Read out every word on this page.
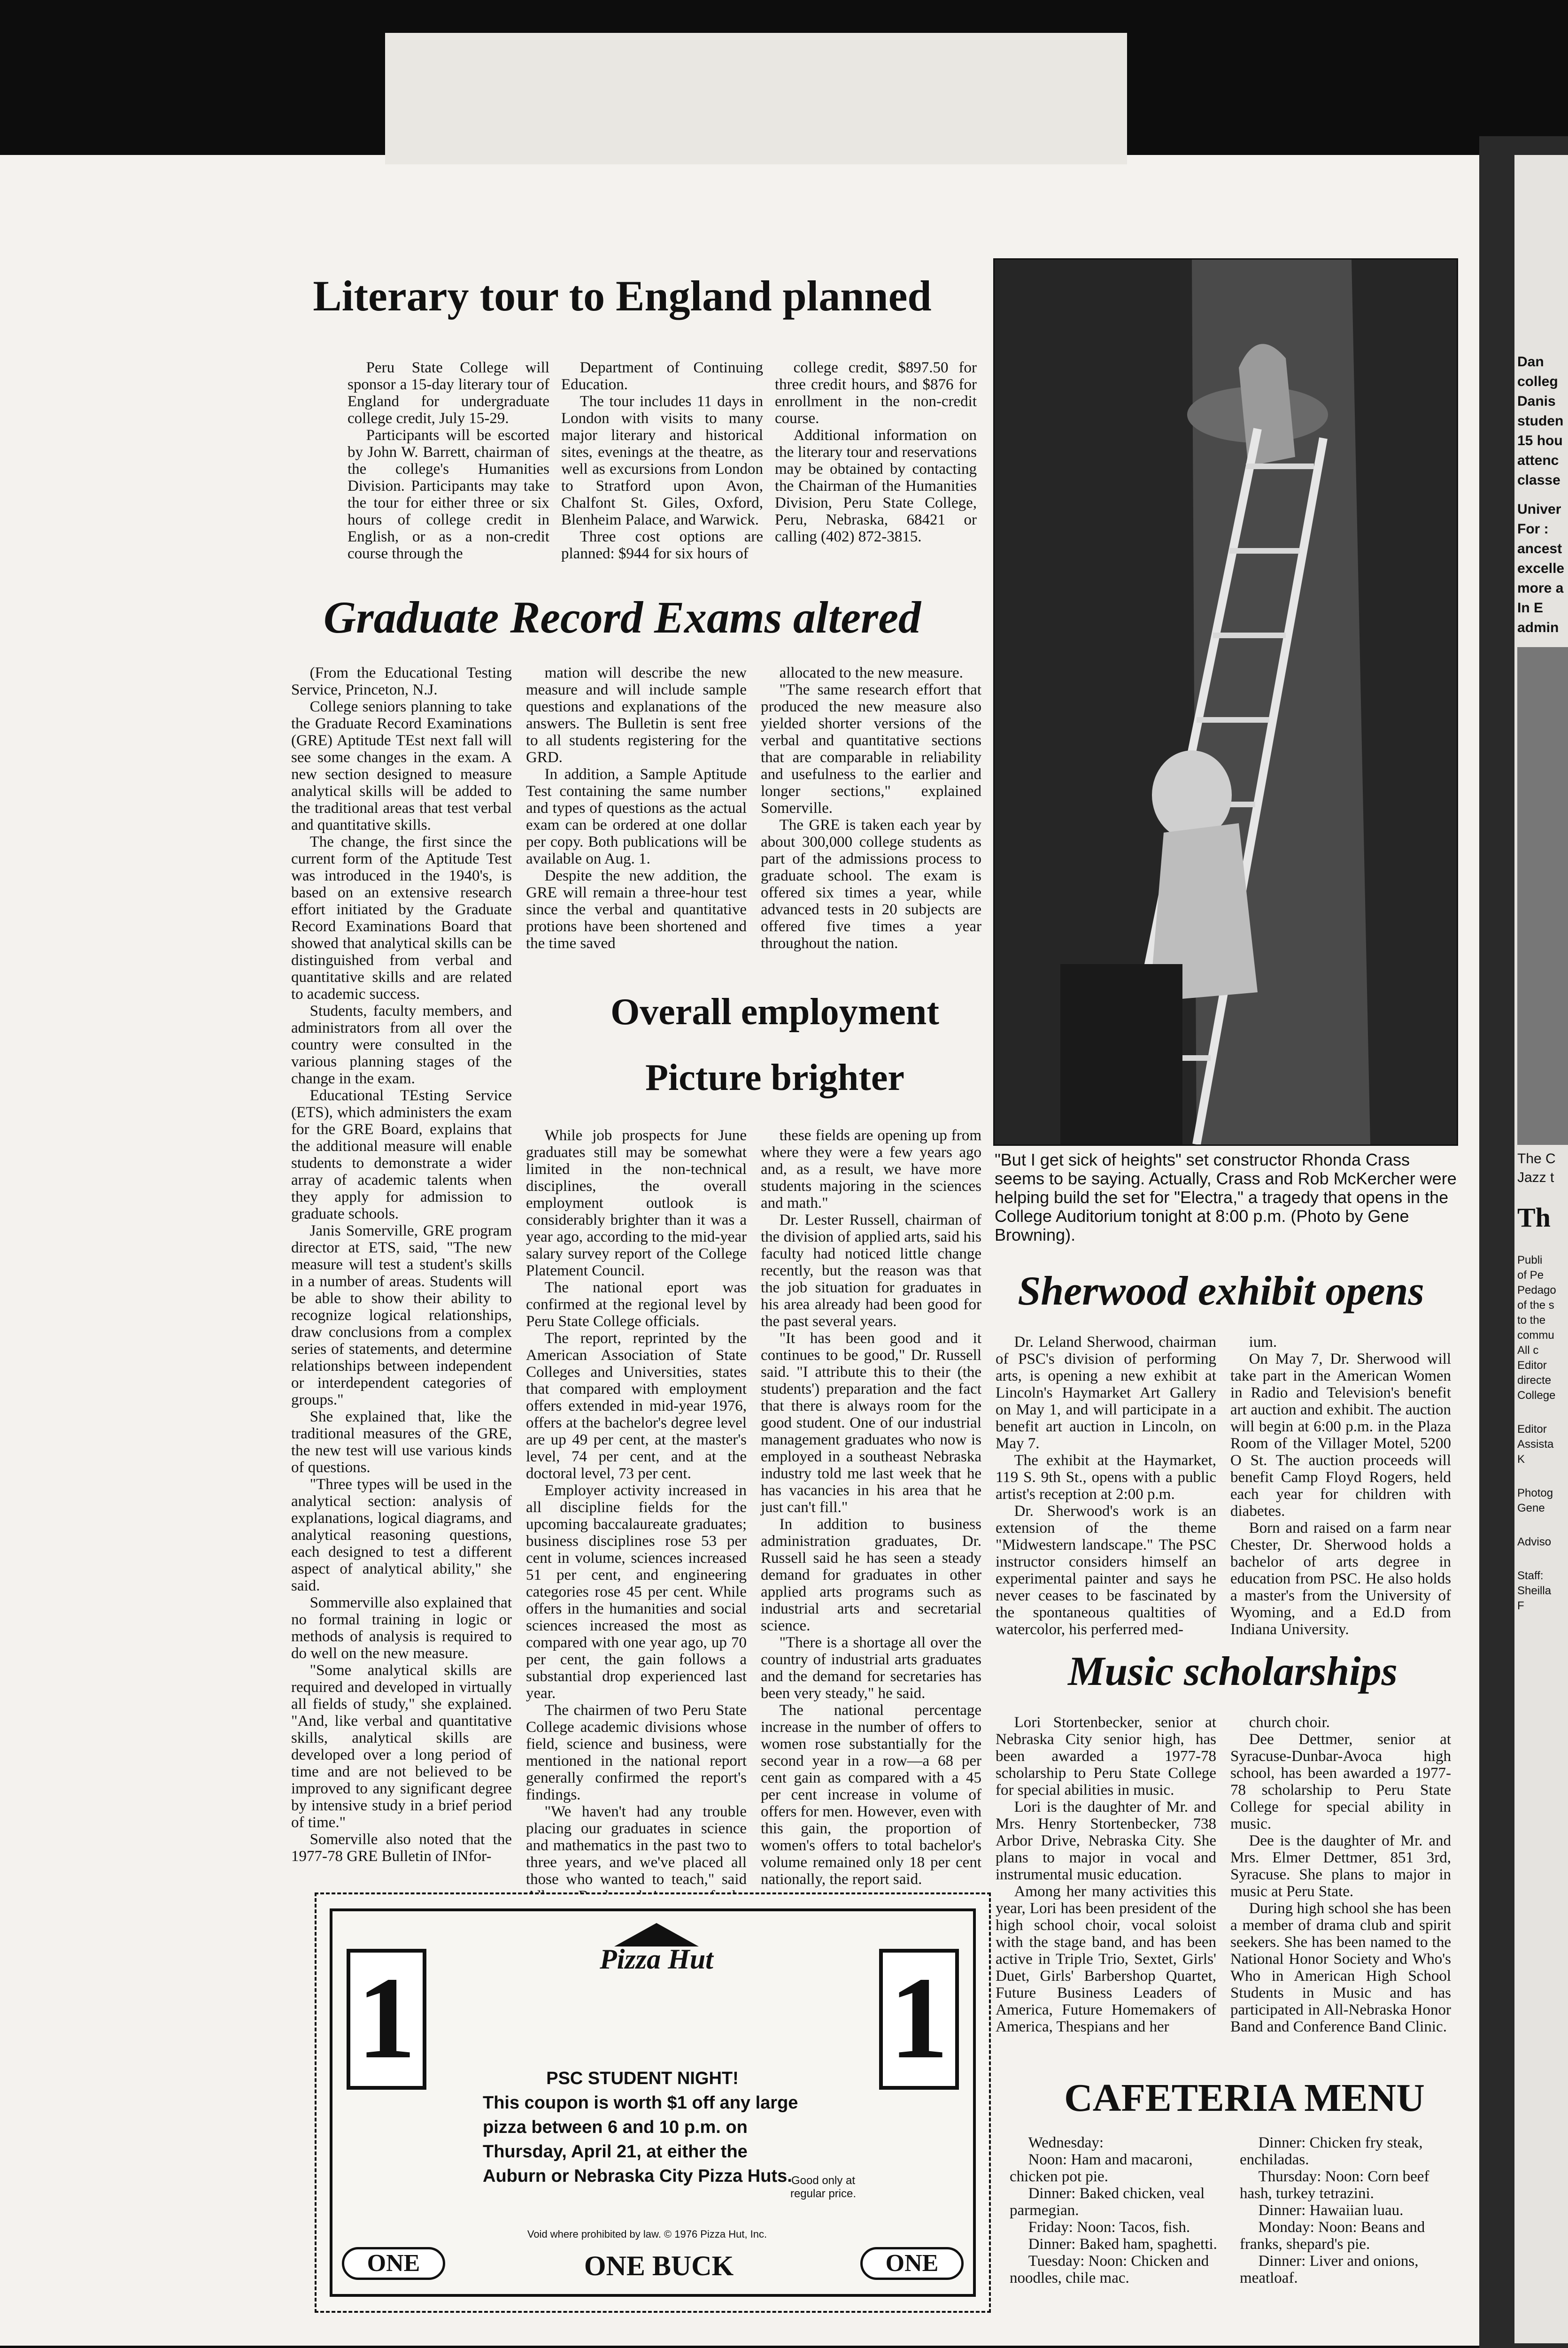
Dan

colleg

Danis

studen

15 hou

attenc

classe

Univer

For :

ancest

excelle

more a

In E

admin

The C
Jazz t
Th
Publi
of Pe
Pedago
of the s
to the
commu
All c
Editor
directe
College
Editor
Assista
K
Photog
Gene
Adviso
Staff:
Sheilla
F
Literary tour to England planned

Peru State College will sponsor a 15-day literary tour of England for undergraduate college credit, July 15-29.

Participants will be escorted by John W. Barrett, chairman of the college's Humanities Division. Participants may take the tour for either three or six hours of college credit in English, or as a non-credit course through the

Department of Continuing Education.

The tour includes 11 days in London with visits to many major literary and historical sites, evenings at the theatre, as well as excursions from London to Stratford upon Avon, Chalfont St. Giles, Oxford, Blenheim Palace, and Warwick.

Three cost options are planned: $944 for six hours of

college credit, $897.50 for three credit hours, and $876 for enrollment in the non-credit course.

Additional information on the literary tour and reservations may be obtained by contacting the Chairman of the Humanities Division, Peru State College, Peru, Nebraska, 68421 or calling (402) 872-3815.

Graduate Record Exams altered

(From the Educational Testing Service, Princeton, N.J.

College seniors planning to take the Graduate Record Examinations (GRE) Aptitude TEst next fall will see some changes in the exam. A new section designed to measure analytical skills will be added to the traditional areas that test verbal and quantitative skills.

The change, the first since the current form of the Aptitude Test was introduced in the 1940's, is based on an extensive research effort initiated by the Graduate Record Examinations Board that showed that analytical skills can be distinguished from verbal and quantitative skills and are related to academic success.

Students, faculty members, and administrators from all over the country were consulted in the various planning stages of the change in the exam.

Educational TEsting Service (ETS), which administers the exam for the GRE Board, explains that the additional measure will enable students to demonstrate a wider array of academic talents when they apply for admission to graduate schools.

Janis Somerville, GRE program director at ETS, said, "The new measure will test a student's skills in a number of areas. Students will be able to show their ability to recognize logical relationships, draw conclusions from a complex series of statements, and determine relationships between independent or interdependent categories of groups."

She explained that, like the traditional measures of the GRE, the new test will use various kinds of questions.

"Three types will be used in the analytical section: analysis of explanations, logical diagrams, and analytical reasoning questions, each designed to test a different aspect of analytical ability," she said.

Sommerville also explained that no formal training in logic or methods of analysis is required to do well on the new measure.

"Some analytical skills are required and developed in virtually all fields of study," she explained. "And, like verbal and quantitative skills, analytical skills are developed over a long period of time and are not believed to be improved to any significant degree by intensive study in a brief period of time."

Somerville also noted that the 1977-78 GRE Bulletin of INfor-

mation will describe the new measure and will include sample questions and explanations of the answers. The Bulletin is sent free to all students registering for the GRD.

In addition, a Sample Aptitude Test containing the same number and types of questions as the actual exam can be ordered at one dollar per copy. Both publications will be available on Aug. 1.

Despite the new addition, the GRE will remain a three-hour test since the verbal and quantitative protions have been shortened and the time saved

allocated to the new measure.

"The same research effort that produced the new measure also yielded shorter versions of the verbal and quantitative sections that are comparable in reliability and usefulness to the earlier and longer sections," explained Somerville.

The GRE is taken each year by about 300,000 college students as part of the admissions process to graduate school. The exam is offered six times a year, while advanced tests in 20 subjects are offered five times a year throughout the nation.

Overall employment
Picture brighter

While job prospects for June graduates still may be somewhat limited in the non-technical disciplines, the overall employment outlook is considerably brighter than it was a year ago, according to the mid-year salary survey report of the College Platement Council.

The national eport was confirmed at the regional level by Peru State College officials.

The report, reprinted by the American Association of State Colleges and Universities, states that compared with employment offers extended in mid-year 1976, offers at the bachelor's degree level are up 49 per cent, at the master's level, 74 per cent, and at the doctoral level, 73 per cent.

Employer activity increased in all discipline fields for the upcoming baccalaureate graduates; business disciplines rose 53 per cent in volume, sciences increased 51 per cent, and engineering categories rose 45 per cent. While offers in the humanities and social sciences increased the most as compared with one year ago, up 70 per cent, the gain follows a substantial drop experienced last year.

The chairmen of two Peru State College academic divisions whose field, science and business, were mentioned in the national report generally confirmed the report's findings.

"We haven't had any trouble placing our graduates in science and mathematics in the past two to three years, and we've placed all those who wanted to teach," said

these fields are opening up from where they were a few years ago and, as a result, we have more students majoring in the sciences and math."

Dr. Lester Russell, chairman of the division of applied arts, said his faculty had noticed little change recently, but the reason was that the job situation for graduates in his area already had been good for the past several years.

"It has been good and it continues to be good," Dr. Russell said. "I attribute this to their (the students') preparation and the fact that there is always room for the good student. One of our industrial management graduates who now is employed in a southeast Nebraska industry told me last week that he has vacancies in his area that he just can't fill."

In addition to business administration graduates, Dr. Russell said he has seen a steady demand for graduates in other applied arts programs such as industrial arts and secretarial science.

"There is a shortage all over the country of industrial arts graduates and the demand for secretaries has been very steady," he said.

The national percentage increase in the number of offers to women rose substantially for the second year in a row—a 68 per cent gain as compared with a 45 per cent increase in volume of offers for men. However, even with this gain, the proportion of women's offers to total bachelor's volume remained only 18 per cent nationally, the report said.

"But I get sick of heights" set constructor Rhonda Crass seems to be saying. Actually, Crass and Rob McKercher were helping build the set for "Electra," a tragedy that opens in the College Auditorium tonight at 8:00 p.m. (Photo by Gene Browning).
Sherwood exhibit opens

Dr. Leland Sherwood, chairman of PSC's division of performing arts, is opening a new exhibit at Lincoln's Haymarket Art Gallery on May 1, and will participate in a benefit art auction in Lincoln, on May 7.

The exhibit at the Haymarket, 119 S. 9th St., opens with a public artist's reception at 2:00 p.m.

Dr. Sherwood's work is an extension of the theme "Midwestern landscape." The PSC instructor considers himself an experimental painter and says he never ceases to be fascinated by the spontaneous qualtities of watercolor, his perferred med-

ium.

On May 7, Dr. Sherwood will take part in the American Women in Radio and Television's benefit art auction and exhibit. The auction will begin at 6:00 p.m. in the Plaza Room of the Villager Motel, 5200 O St. The auction proceeds will benefit Camp Floyd Rogers, held each year for children with diabetes.

Born and raised on a farm near Chester, Dr. Sherwood holds a bachelor of arts degree in education from PSC. He also holds a master's from the University of Wyoming, and a Ed.D from Indiana University.

Music scholarships

Lori Stortenbecker, senior at Nebraska City senior high, has been awarded a 1977-78 scholarship to Peru State College for special abilities in music.

Lori is the daughter of Mr. and Mrs. Henry Stortenbecker, 738 Arbor Drive, Nebraska City. She plans to major in vocal and instrumental music education.

Among her many activities this year, Lori has been president of the high school choir, vocal soloist with the stage band, and has been active in Triple Trio, Sextet, Girls' Duet, Girls' Barbershop Quartet, Future Business Leaders of America, Future Homemakers of America, Thespians and her

church choir.

Dee Dettmer, senior at Syracuse-Dunbar-Avoca high school, has been awarded a 1977-78 scholarship to Peru State College for special ability in music.

Dee is the daughter of Mr. and Mrs. Elmer Dettmer, 851 3rd, Syracuse. She plans to major in music at Peru State.

During high school she has been a member of drama club and spirit seekers. She has been named to the National Honor Society and Who's Who in American High School Students in Music and has participated in All-Nebraska Honor Band and Conference Band Clinic.

CAFETERIA MENU

Wednesday:

Noon: Ham and macaroni, chicken pot pie.

Dinner: Baked chicken, veal parmegian.

Friday: Noon: Tacos, fish.

Dinner: Baked ham, spaghetti.

Tuesday: Noon: Chicken and noodles, chile mac.

Dinner: Chicken fry steak, enchiladas.

Thursday: Noon: Corn beef hash, turkey tetrazini.

Dinner: Hawaiian luau.

Monday: Noon: Beans and franks, shepard's pie.

Dinner: Liver and onions, meatloaf.

1	1
Pizza Hut
PSC STUDENT NIGHT!
This coupon is worth $1 off any large pizza between 6 and 10 p.m. on Thursday, April 21, at either the Auburn or Nebraska City Pizza Huts.
Good only at regular price.
Void where prohibited by law. © 1976 Pizza Hut, Inc.
ONE	ONE BUCK	ONE
